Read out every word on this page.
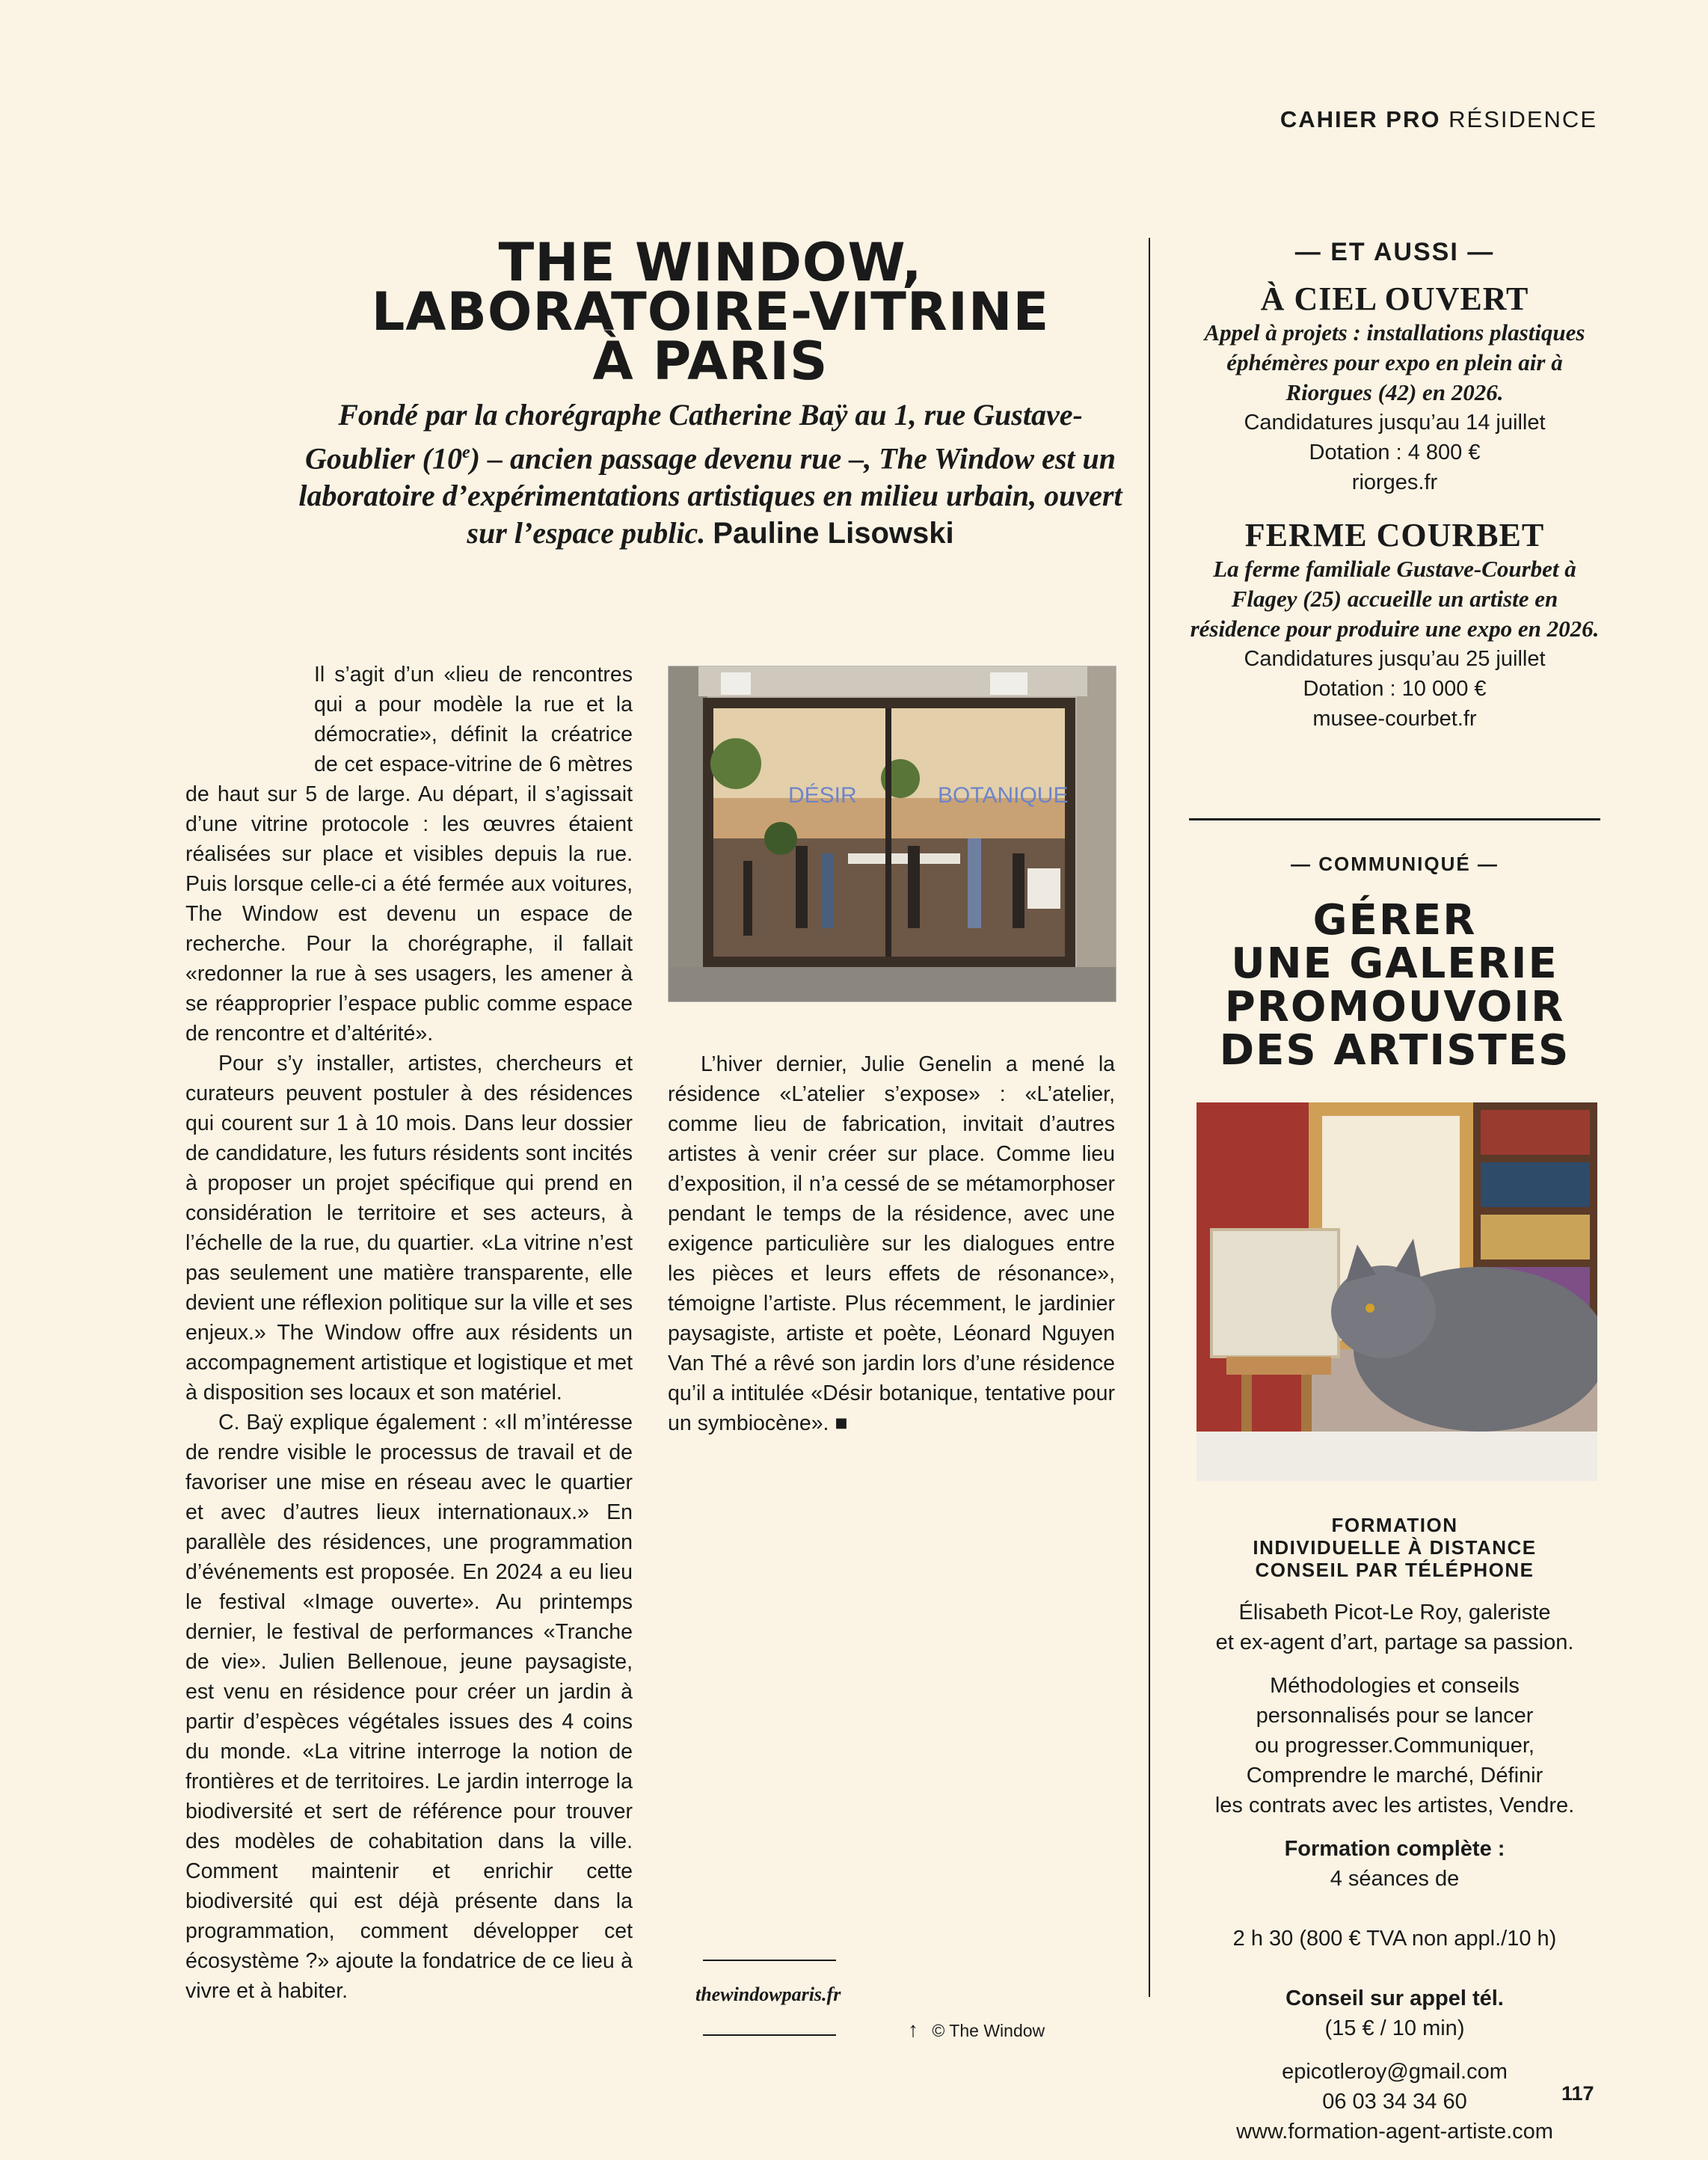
CAHIER PRO RÉSIDENCE
THE WINDOW,
LABORATOIRE-VITRINE
À PARIS

Fondé par la chorégraphe Catherine Baÿ au 1, rue Gustave-Goublier (10e) – ancien passage devenu rue –, The Window est un laboratoire d’expérimentations artistiques en milieu urbain, ouvert sur l’espace public. Pauline Lisowski

Il s’agit d’un «lieu de rencontres qui a pour modèle la rue et la démocratie», définit la créatrice de cet espace-vitrine de 6 mètres de haut sur 5 de large. Au départ, il s’agissait d’une vitrine protocole : les œuvres étaient réalisées sur place et visibles depuis la rue. Puis lorsque celle-ci a été fermée aux voitures, The Window est devenu un espace de recherche. Pour la chorégraphe, il fallait «redonner la rue à ses usagers, les amener à se réapproprier l’espace public comme espace de rencontre et d’altérité».

Pour s’y installer, artistes, chercheurs et curateurs peuvent postuler à des résidences qui courent sur 1 à 10 mois. Dans leur dossier de candidature, les futurs résidents sont incités à proposer un projet spécifique qui prend en considération le territoire et ses acteurs, à l’échelle de la rue, du quartier. «La vitrine n’est pas seulement une matière transparente, elle devient une réflexion politique sur la ville et ses enjeux.» The Window offre aux résidents un accompagnement artistique et logistique et met à disposition ses locaux et son matériel.

C. Baÿ explique également : «Il m’intéresse de rendre visible le processus de travail et de favoriser une mise en réseau avec le quartier et avec d’autres lieux internationaux.» En parallèle des résidences, une programmation d’événements est proposée. En 2024 a eu lieu le festival «Image ouverte». Au printemps dernier, le festival de performances «Tranche de vie». Julien Bellenoue, jeune paysagiste, est venu en résidence pour créer un jardin à partir d’espèces végétales issues des 4 coins du monde. «La vitrine interroge la notion de frontières et de territoires. Le jardin interroge la biodiversité et sert de référence pour trouver des modèles de cohabitation dans la ville. Comment maintenir et enrichir cette biodiversité qui est déjà présente dans la programmation, comment développer cet écosystème ?» ajoute la fondatrice de ce lieu à vivre et à habiter.

DÉSIR	BOTANIQUE

L’hiver dernier, Julie Genelin a mené la résidence «L’atelier s’expose» : «L’atelier, comme lieu de fabrication, invitait d’autres artistes à venir créer sur place. Comme lieu d’exposition, il n’a cessé de se métamorphoser pendant le temps de la résidence, avec une exigence particulière sur les dialogues entre les pièces et leurs effets de résonance», témoigne l’artiste. Plus récemment, le jardinier paysagiste, artiste et poète, Léonard Nguyen Van Thé a rêvé son jardin lors d’une résidence qu’il a intitulée «Désir botanique, tentative pour un symbiocène». ■

thewindowparis.fr
↑ © The Window

— ET AUSSI —

À CIEL OUVERT

Appel à projets : installations plastiques éphémères pour expo en plein air à Riorgues (42) en 2026.

Candidatures jusqu’au 14 juillet

Dotation : 4 800 €

riorges.fr

FERME COURBET

La ferme familiale Gustave-Courbet à Flagey (25) accueille un artiste en résidence pour produire une expo en 2026.

Candidatures jusqu’au 25 juillet

Dotation : 10 000 €

musee-courbet.fr

— COMMUNIQUÉ —
GÉRER
UNE GALERIE
PROMOUVOIR
DES ARTISTES

FORMATION
INDIVIDUELLE À DISTANCE
CONSEIL PAR TÉLÉPHONE

Élisabeth Picot-Le Roy, galeriste
et ex-agent d’art, partage sa passion.

Méthodologies et conseils
personnalisés pour se lancer
ou progresser.Communiquer,
Comprendre le marché, Définir
les contrats avec les artistes, Vendre.

Formation complète :
4 séances de

2 h 30 (800 € TVA non appl./10 h)

Conseil sur appel tél.
(15 € / 10 min)

epicotleroy@gmail.com
06 03 34 34 60
www.formation-agent-artiste.com

117
